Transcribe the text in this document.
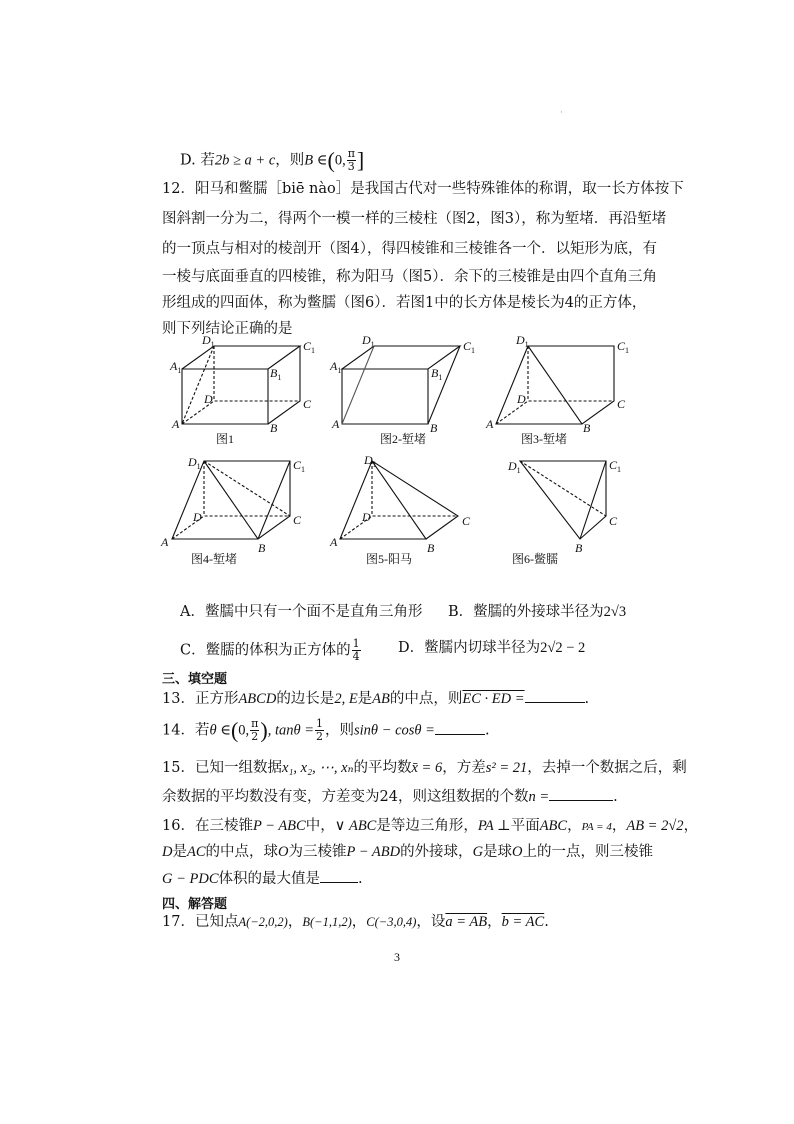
·
D. 若2b ≥ a + c，则B ∈(0, $\frac{\pi}{3}$ ]
12．阳马和鳖臑［biē nào］是我国古代对一些特殊锥体的称谓，取一长方体按下
图斜割一分为二，得两个一模一样的三棱柱（图2，图3），称为堑堵．再沿堑堵
的一顶点与相对的棱剖开（图4），得四棱锥和三棱锥各一个．以矩形为底，有
一棱与底面垂直的四棱锥，称为阳马（图5）．余下的三棱锥是由四个直角三角
形组成的四面体，称为鳖臑（图6）．若图1中的长方体是棱长为4的正方体，
则下列结论正确的是
$D_1$	$C_1$
$A_1$	$B_1$
D	C
A	B
$D_1$	$C_1$
$A_1$	$B_1$
A	B
$D_1$	$C_1$
D	C
A	B
$D_1$	$C_1$
D	C
A	B
$D_1$
D	C
A	B
$D_1$	$C_1$
C
B
图1	图2-堑堵	图3-堑堵
图4-堑堵	图5-阳马	图6-鳖臑
A．鳖臑中只有一个面不是直角三角形 B．鳖臑的外接球半径为2√3
C．鳖臑的体积为正方体的 $\frac{1}{4}$	D．鳖臑内切球半径为2√2 − 2
三、填空题
13．正方形ABCD的边长是2, E是AB的中点，则EC · ED =	.
14．若θ ∈(0, $\frac{\pi}{2}$ ), $\tan\theta = \frac{1}{2}$ ，则sinθ − cosθ =	.
15．已知一组数据x₁, x₂, ⋯, xₙ的平均数x̄ = 6，方差s² = 21，去掉一个数据之后，剩
余数据的平均数没有变，方差变为24，则这组数据的个数n =	.
16．在三棱锥P − ABC中，∨ ABC是等边三角形，PA ⊥平面ABC，PA = 4，AB = 2√2，
D是AC的中点，球O为三棱锥P − ABD的外接球，G是球O上的一点，则三棱锥
G − PDC体积的最大值是	.
四、解答题
17．已知点A(−2,0,2)，B(−1,1,2)，C(−3,0,4)，设a = AB，b = AC.
3
